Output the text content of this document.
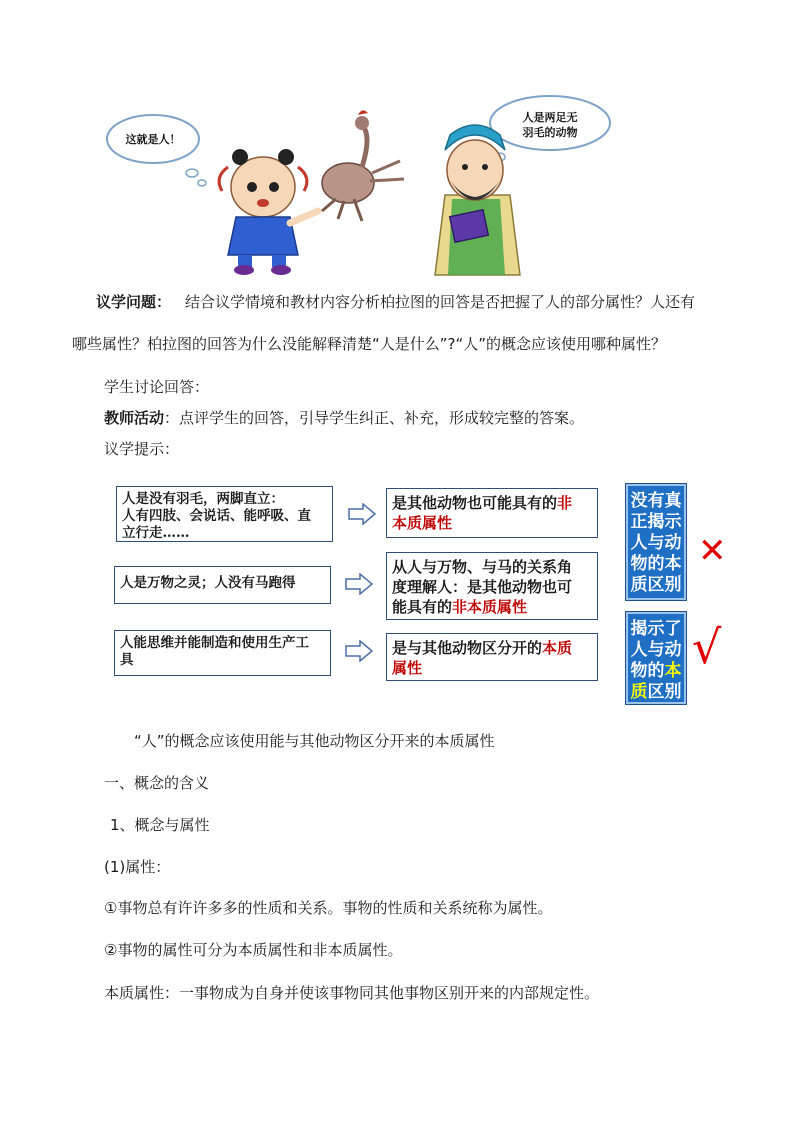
这就是人！
人是两足无
羽毛的动物
议学问题： 结合议学情境和教材内容分析柏拉图的回答是否把握了人的部分属性？人还有
哪些属性？柏拉图的回答为什么没能解释清楚“人是什么”?“人”的概念应该使用哪种属性？
学生讨论回答：
教师活动：点评学生的回答，引导学生纠正、补充，形成较完整的答案。
议学提示：
人是没有羽毛，两脚直立：
人有四肢、会说话、能呼吸、直
立行走……
人是万物之灵；人没有马跑得
人能思维并能制造和使用生产工
具
是其他动物也可能具有的非
本质属性
从人与万物、与马的关系角
度理解人：是其他动物也可
能具有的非本质属性
是与其他动物区分开的本质
属性
没有真
正揭示
人与动
物的本
质区别
揭示了
人与动
物的本
质区别
✕
√
“人”的概念应该使用能与其他动物区分开来的本质属性
一、概念的含义
1、概念与属性
(1)属性：
①事物总有许许多多的性质和关系。事物的性质和关系统称为属性。
②事物的属性可分为本质属性和非本质属性。
本质属性：一事物成为自身并使该事物同其他事物区别开来的内部规定性。
